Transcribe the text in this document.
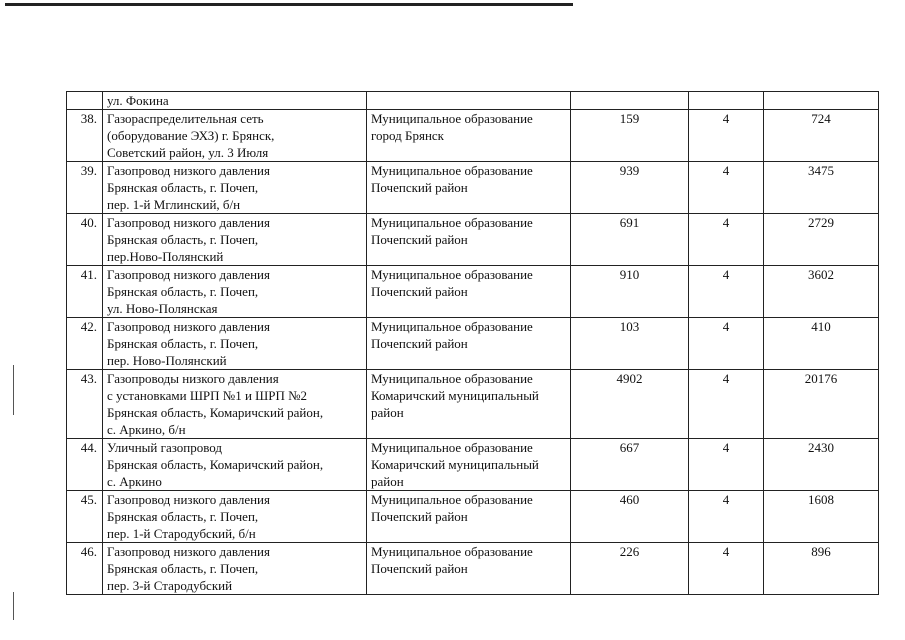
	ул. Фокина				

38.	Газораспределительная сеть
(оборудование ЭХЗ) г. Брянск,
Советский район, ул. 3 Июля	Муниципальное образование
город Брянск	159	4	724
39.	Газопровод низкого давления
Брянская область, г. Почеп,
пер. 1-й Мглинский, б/н	Муниципальное образование
Почепский район	939	4	3475
40.	Газопровод низкого давления
Брянская область, г. Почеп,
пер.Ново-Полянский	Муниципальное образование
Почепский район	691	4	2729
41.	Газопровод низкого давления
Брянская область, г. Почеп,
ул. Ново-Полянская	Муниципальное образование
Почепский район	910	4	3602
42.	Газопровод низкого давления
Брянская область, г. Почеп,
пер. Ново-Полянский	Муниципальное образование
Почепский район	103	4	410
43.	Газопроводы низкого давления
с установками ШРП №1 и ШРП №2
Брянская область, Комаричский район,
с. Аркино, б/н	Муниципальное образование
Комаричский муниципальный
район	4902	4	20176
44.	Уличный газопровод
Брянская область, Комаричский район,
с. Аркино	Муниципальное образование
Комаричский муниципальный
район	667	4	2430
45.	Газопровод низкого давления
Брянская область, г. Почеп,
пер. 1-й Стародубский, б/н	Муниципальное образование
Почепский район	460	4	1608
46.	Газопровод низкого давления
Брянская область, г. Почеп,
пер. 3-й Стародубский	Муниципальное образование
Почепский район	226	4	896
